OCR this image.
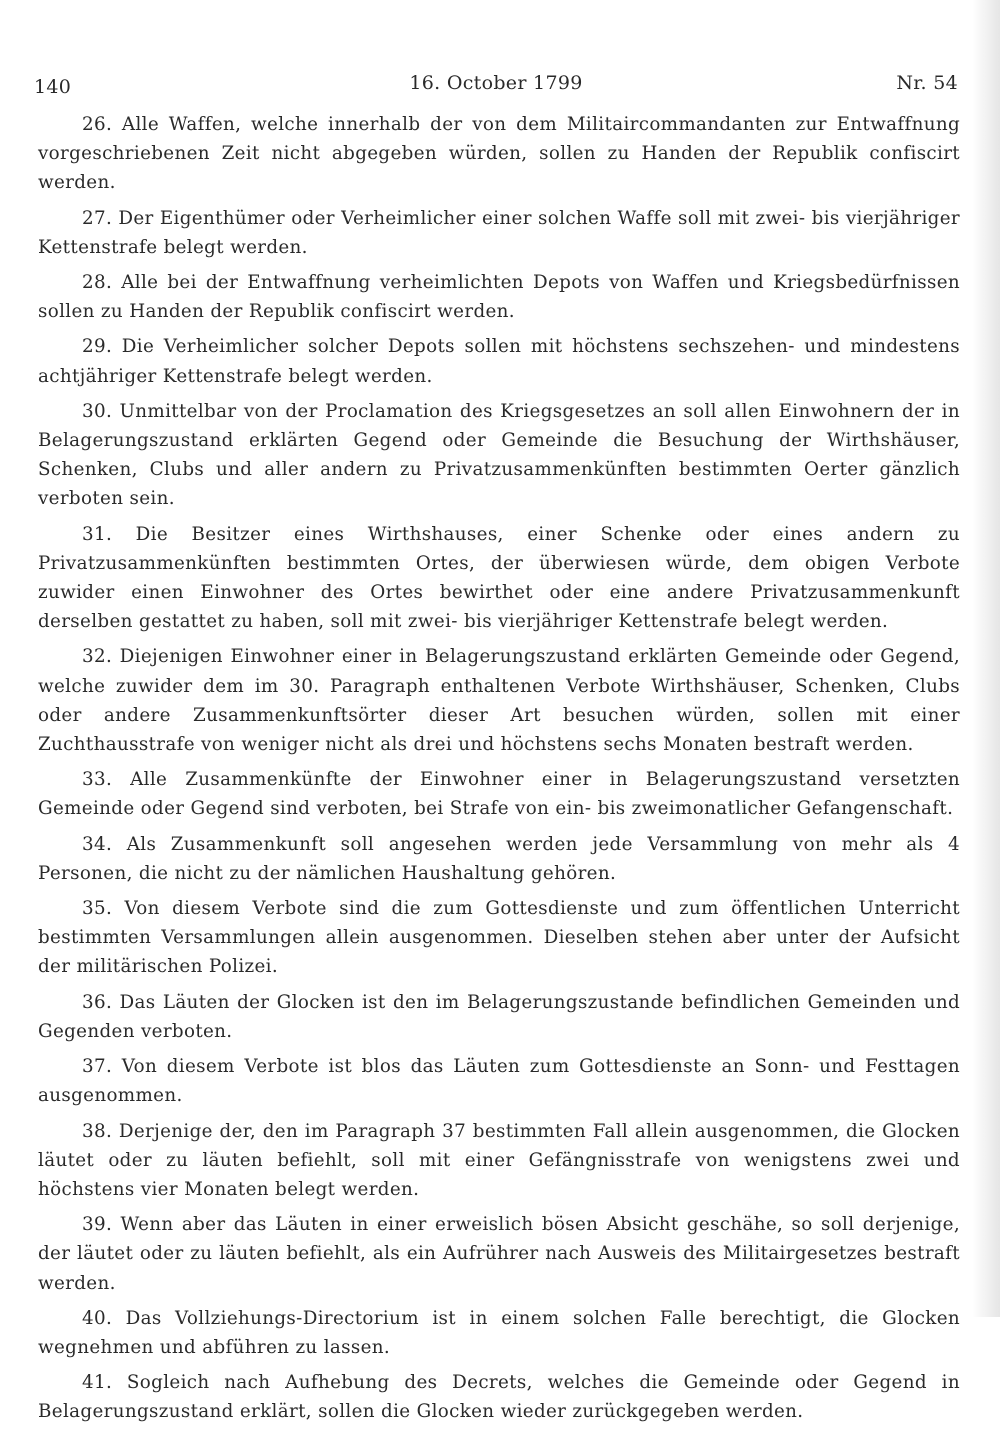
140	16. October 1799	Nr. 54

26. Alle Waffen, welche innerhalb der von dem Militaircommandanten zur Entwaffnung vorgeschriebenen Zeit nicht abgegeben würden, sollen zu Handen der Republik confiscirt werden.

27. Der Eigenthümer oder Verheimlicher einer solchen Waffe soll mit zwei- bis vierjähriger Kettenstrafe belegt werden.

28. Alle bei der Entwaffnung verheimlichten Depots von Waffen und Kriegsbedürfnissen sollen zu Handen der Republik confiscirt werden.

29. Die Verheimlicher solcher Depots sollen mit höchstens sechszehen- und mindestens achtjähriger Kettenstrafe belegt werden.

30. Unmittelbar von der Proclamation des Kriegsgesetzes an soll allen Einwohnern der in Belagerungszustand erklärten Gegend oder Gemeinde die Besuchung der Wirthshäuser, Schenken, Clubs und aller andern zu Privatzusammenkünften bestimmten Oerter gänzlich verboten sein.

31. Die Besitzer eines Wirthshauses, einer Schenke oder eines andern zu Privatzusammenkünften bestimmten Ortes, der überwiesen würde, dem obigen Verbote zuwider einen Einwohner des Ortes bewirthet oder eine andere Privatzusammenkunft derselben gestattet zu haben, soll mit zwei- bis vierjähriger Kettenstrafe belegt werden.

32. Diejenigen Einwohner einer in Belagerungszustand erklärten Gemeinde oder Gegend, welche zuwider dem im 30. Paragraph enthaltenen Verbote Wirthshäuser, Schenken, Clubs oder andere Zusammenkunftsörter dieser Art besuchen würden, sollen mit einer Zuchthausstrafe von weniger nicht als drei und höchstens sechs Monaten bestraft werden.

33. Alle Zusammenkünfte der Einwohner einer in Belagerungszustand versetzten Gemeinde oder Gegend sind verboten, bei Strafe von ein- bis zweimonatlicher Gefangenschaft.

34. Als Zusammenkunft soll angesehen werden jede Versammlung von mehr als 4 Personen, die nicht zu der nämlichen Haushaltung gehören.

35. Von diesem Verbote sind die zum Gottesdienste und zum öffentlichen Unterricht bestimmten Versammlungen allein ausgenommen. Dieselben stehen aber unter der Aufsicht der militärischen Polizei.

36. Das Läuten der Glocken ist den im Belagerungszustande befindlichen Gemeinden und Gegenden verboten.

37. Von diesem Verbote ist blos das Läuten zum Gottesdienste an Sonn- und Festtagen ausgenommen.

38. Derjenige der, den im Paragraph 37 bestimmten Fall allein ausgenommen, die Glocken läutet oder zu läuten befiehlt, soll mit einer Gefängnisstrafe von wenigstens zwei und höchstens vier Monaten belegt werden.

39. Wenn aber das Läuten in einer erweislich bösen Absicht geschähe, so soll derjenige, der läutet oder zu läuten befiehlt, als ein Aufrührer nach Ausweis des Militairgesetzes bestraft werden.

40. Das Vollziehungs-Directorium ist in einem solchen Falle berechtigt, die Glocken wegnehmen und abführen zu lassen.

41. Sogleich nach Aufhebung des Decrets, welches die Gemeinde oder Gegend in Belagerungszustand erklärt, sollen die Glocken wieder zurückgegeben werden.
